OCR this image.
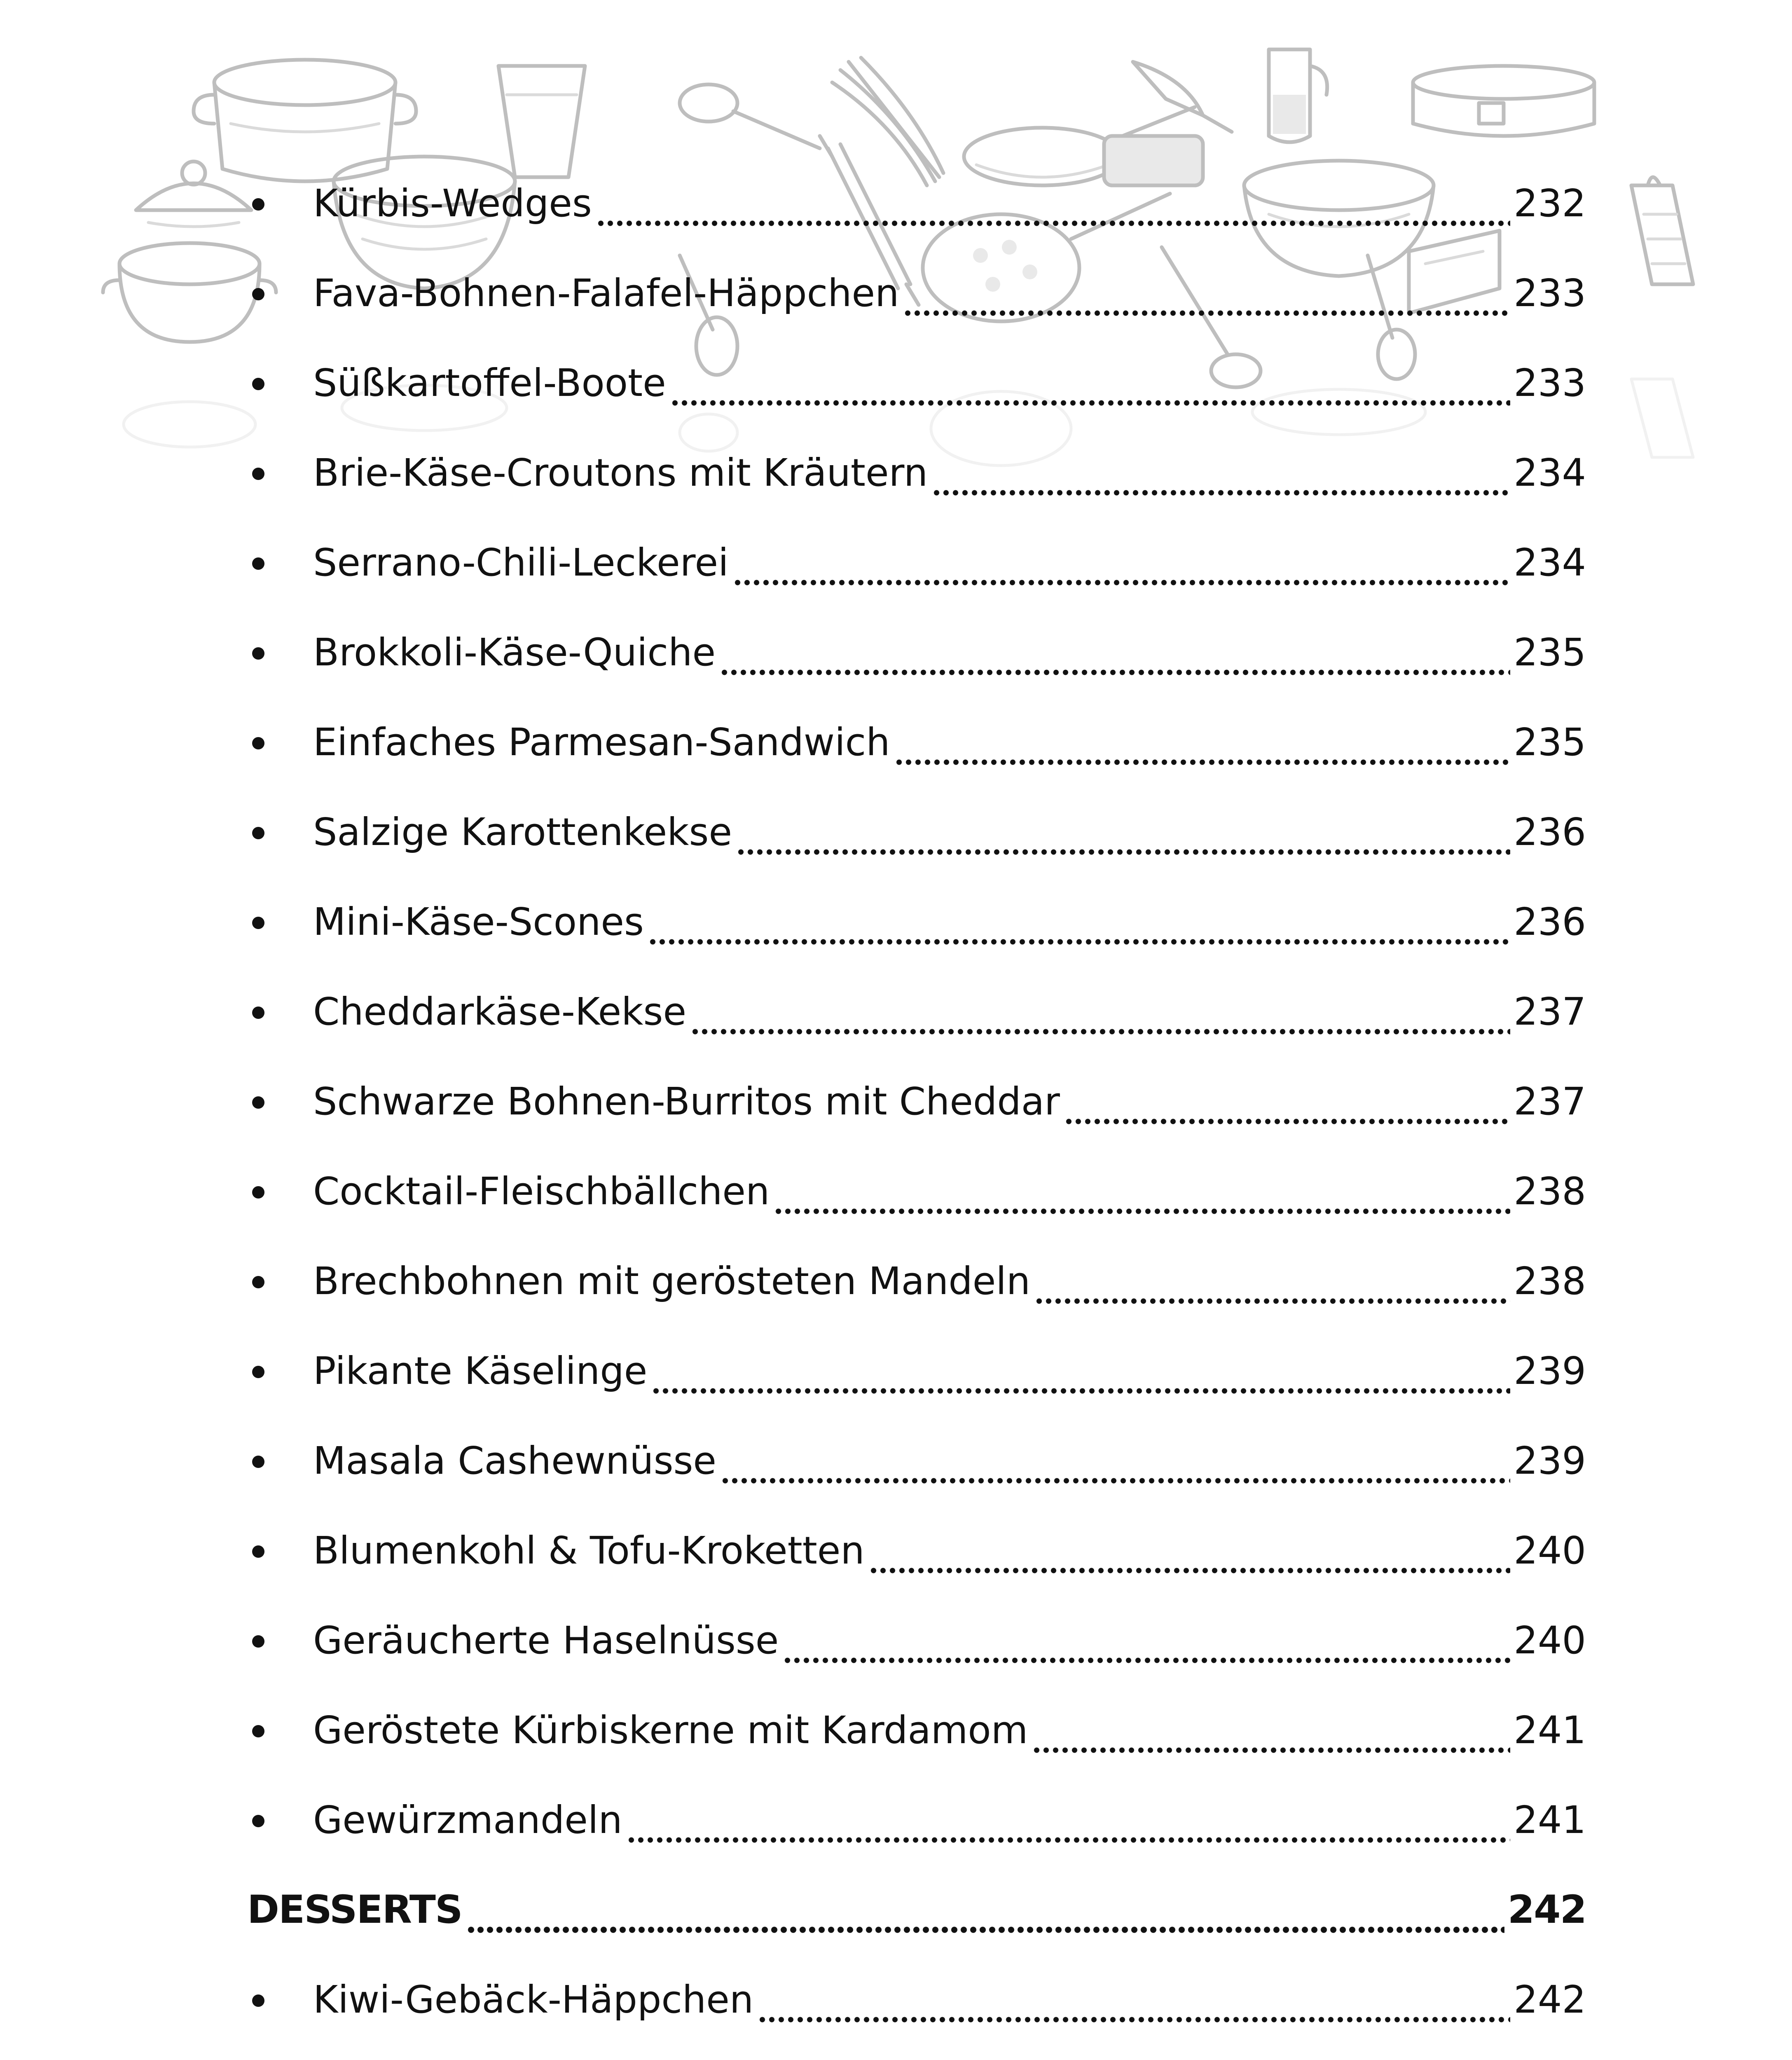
Kürbis-Wedges	232
Fava-Bohnen-Falafel-Häppchen	233
Süßkartoffel-Boote	233
Brie-Käse-Croutons mit Kräutern	234
Serrano-Chili-Leckerei	234
Brokkoli-Käse-Quiche	235
Einfaches Parmesan-Sandwich	235
Salzige Karottenkekse	236
Mini-Käse-Scones	236
Cheddarkäse-Kekse	237
Schwarze Bohnen-Burritos mit Cheddar	237
Cocktail-Fleischbällchen	238
Brechbohnen mit gerösteten Mandeln	238
Pikante Käselinge	239
Masala Cashewnüsse	239
Blumenkohl & Tofu-Kroketten	240
Geräucherte Haselnüsse	240
Geröstete Kürbiskerne mit Kardamom	241
Gewürzmandeln	241
DESSERTS	242
Kiwi-Gebäck-Häppchen	242
